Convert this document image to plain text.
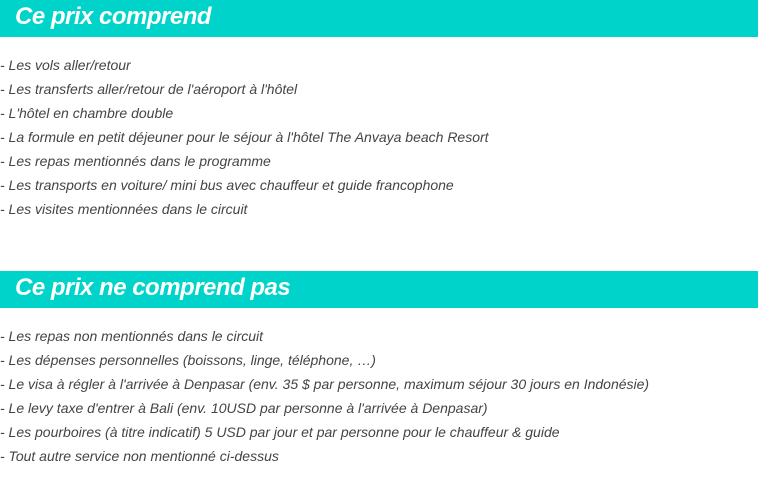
Ce prix comprend
- Les vols aller/retour
- Les transferts aller/retour de l'aéroport à l'hôtel
- L'hôtel en chambre double
- La formule en petit déjeuner pour le séjour à l'hôtel The Anvaya beach Resort
- Les repas mentionnés dans le programme
- Les transports en voiture/ mini bus avec chauffeur et guide francophone
- Les visites mentionnées dans le circuit
Ce prix ne comprend pas
- Les repas non mentionnés dans le circuit
- Les dépenses personnelles (boissons, linge, téléphone, …)
- Le visa à régler à l'arrivée à Denpasar (env. 35 $ par personne, maximum séjour 30 jours en Indonésie)
- Le levy taxe d'entrer à Bali (env. 10USD par personne à l'arrivée à Denpasar)
- Les pourboires (à titre indicatif) 5 USD par jour et par personne pour le chauffeur & guide
- Tout autre service non mentionné ci-dessus
